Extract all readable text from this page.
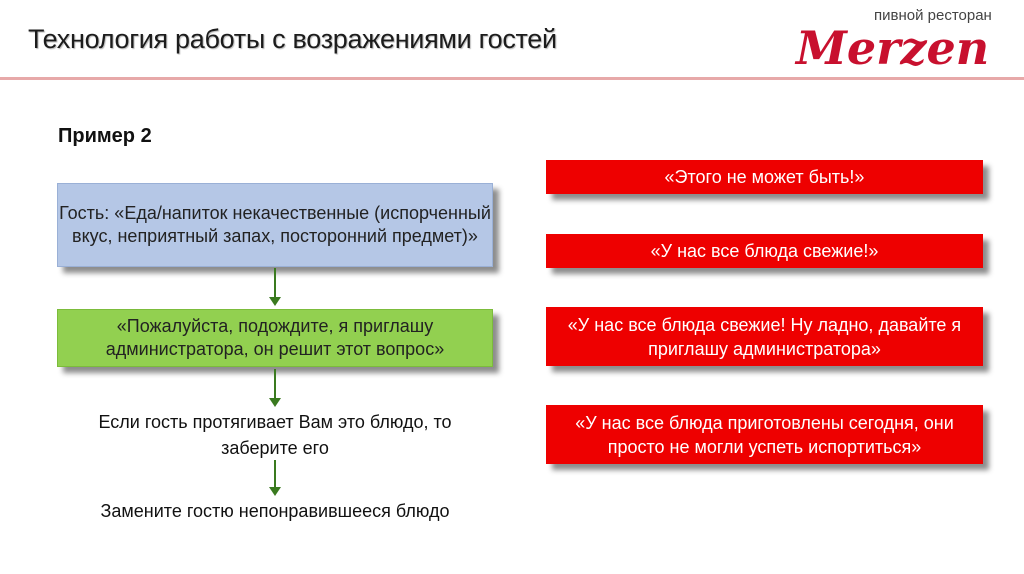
Технология работы с возражениями гостей
пивной ресторан
Merzen
Пример 2
Гость: «Еда/напиток некачественные (испорченный вкус, неприятный запах, посторонний предмет)»
«Пожалуйста, подождите, я приглашу администратора, он решит этот вопрос»
Если гость протягивает Вам это блюдо, то заберите его
Замените гостю непонравившееся блюдо
«Этого не может быть!»
«У нас все блюда свежие!»
«У нас все блюда свежие! Ну ладно, давайте я приглашу администратора»
«У нас все блюда приготовлены сегодня, они просто не могли успеть испортиться»
